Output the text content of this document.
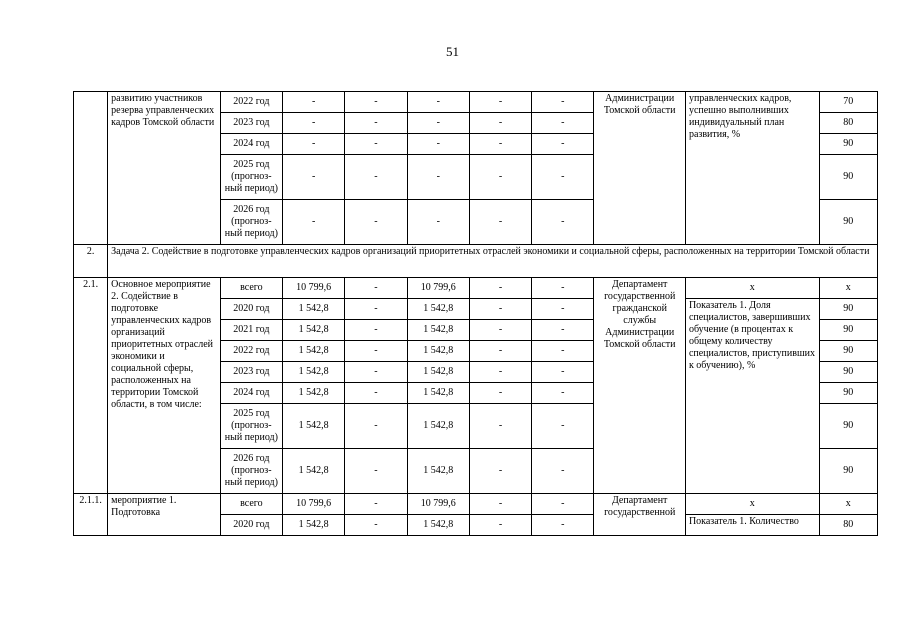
51
	развитию участников резерва управленческих кадров Томской области	2022 год	-	-	-	-	-	Администрации Томской области	управленческих кадров, успешно выполнивших индивидуальный план развития, %	70
		2023 год	-	-	-	-	-			80
		2024 год	-	-	-	-	-			90
		2025 год (прогноз-ный период)	-	-	-	-	-			90
		2026 год (прогноз-ный период)	-	-	-	-	-			90
2.	Задача 2. Содействие в подготовке управленческих кадров организаций приоритетных отраслей экономики и социальной сферы, расположенных на территории Томской области									
2.1.	Основное мероприятие 2. Содействие в подготовке управленческих кадров организаций приоритетных отраслей экономики и социальной сферы, расположенных на территории Томской области, в том числе:	всего	10 799,6	-	10 799,6	-	-	Департамент государственной гражданской службы Администрации Томской области	х	х
		2020 год	1 542,8	-	1 542,8	-	-		Показатель 1. Доля специалистов, завершивших обучение (в процентах к общему количеству специалистов, приступивших к обучению), %	90
		2021 год	1 542,8	-	1 542,8	-	-			90
		2022 год	1 542,8	-	1 542,8	-	-			90
		2023 год	1 542,8	-	1 542,8	-	-			90
		2024 год	1 542,8	-	1 542,8	-	-			90
		2025 год (прогноз-ный период)	1 542,8	-	1 542,8	-	-			90
		2026 год (прогноз-ный период)	1 542,8	-	1 542,8	-	-			90
2.1.1.	мероприятие 1. Подготовка	всего	10 799,6	-	10 799,6	-	-	Департамент государственной	х	х
		2020 год	1 542,8	-	1 542,8	-	-		Показатель 1. Количество	80
